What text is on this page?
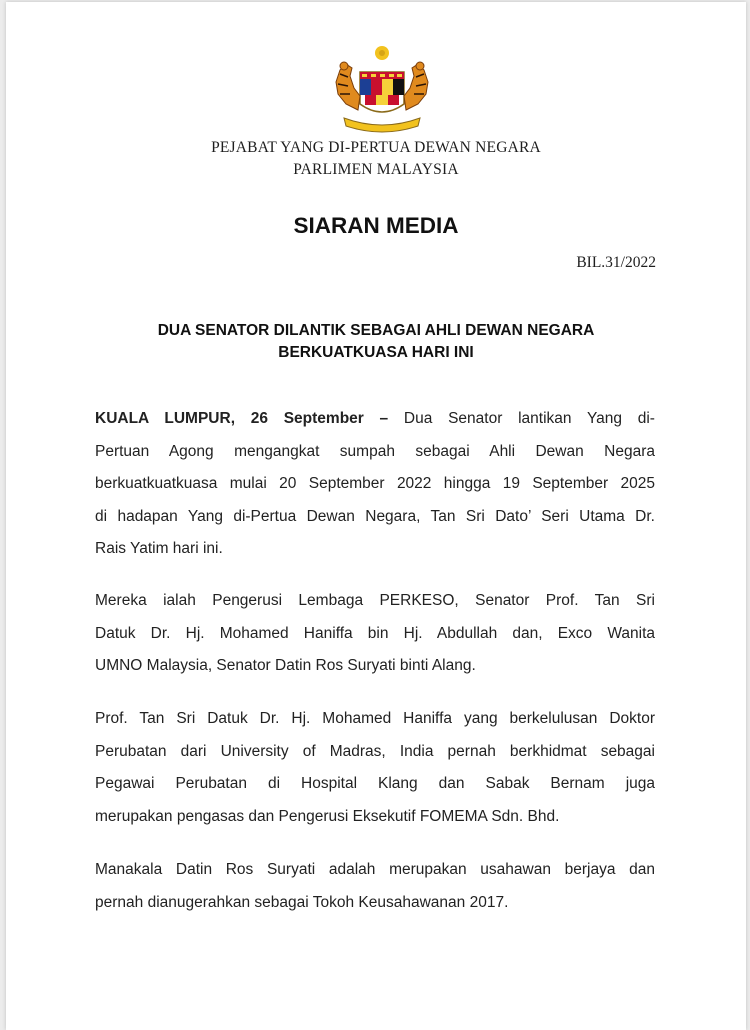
PEJABAT YANG DI-PERTUA DEWAN NEGARA
PARLIMEN MALAYSIA
SIARAN MEDIA
BIL.31/2022
DUA SENATOR DILANTIK SEBAGAI AHLI DEWAN NEGARA
BERKUATKUASA HARI INI
KUALA LUMPUR, 26 September – Dua Senator lantikan Yang di-
Pertuan Agong mengangkat sumpah sebagai Ahli Dewan Negara
berkuatkuatkuasa mulai 20 September 2022 hingga 19 September 2025
di hadapan Yang di-Pertua Dewan Negara, Tan Sri Dato’ Seri Utama Dr.
Rais Yatim hari ini.
Mereka ialah Pengerusi Lembaga PERKESO, Senator Prof. Tan Sri
Datuk Dr. Hj. Mohamed Haniffa bin Hj. Abdullah dan, Exco Wanita
UMNO Malaysia, Senator Datin Ros Suryati binti Alang.
Prof. Tan Sri Datuk Dr. Hj. Mohamed Haniffa yang berkelulusan Doktor
Perubatan dari University of Madras, India pernah berkhidmat sebagai
Pegawai Perubatan di Hospital Klang dan Sabak Bernam juga
merupakan pengasas dan Pengerusi Eksekutif FOMEMA Sdn. Bhd.
Manakala Datin Ros Suryati adalah merupakan usahawan berjaya dan
pernah dianugerahkan sebagai Tokoh Keusahawanan 2017.
